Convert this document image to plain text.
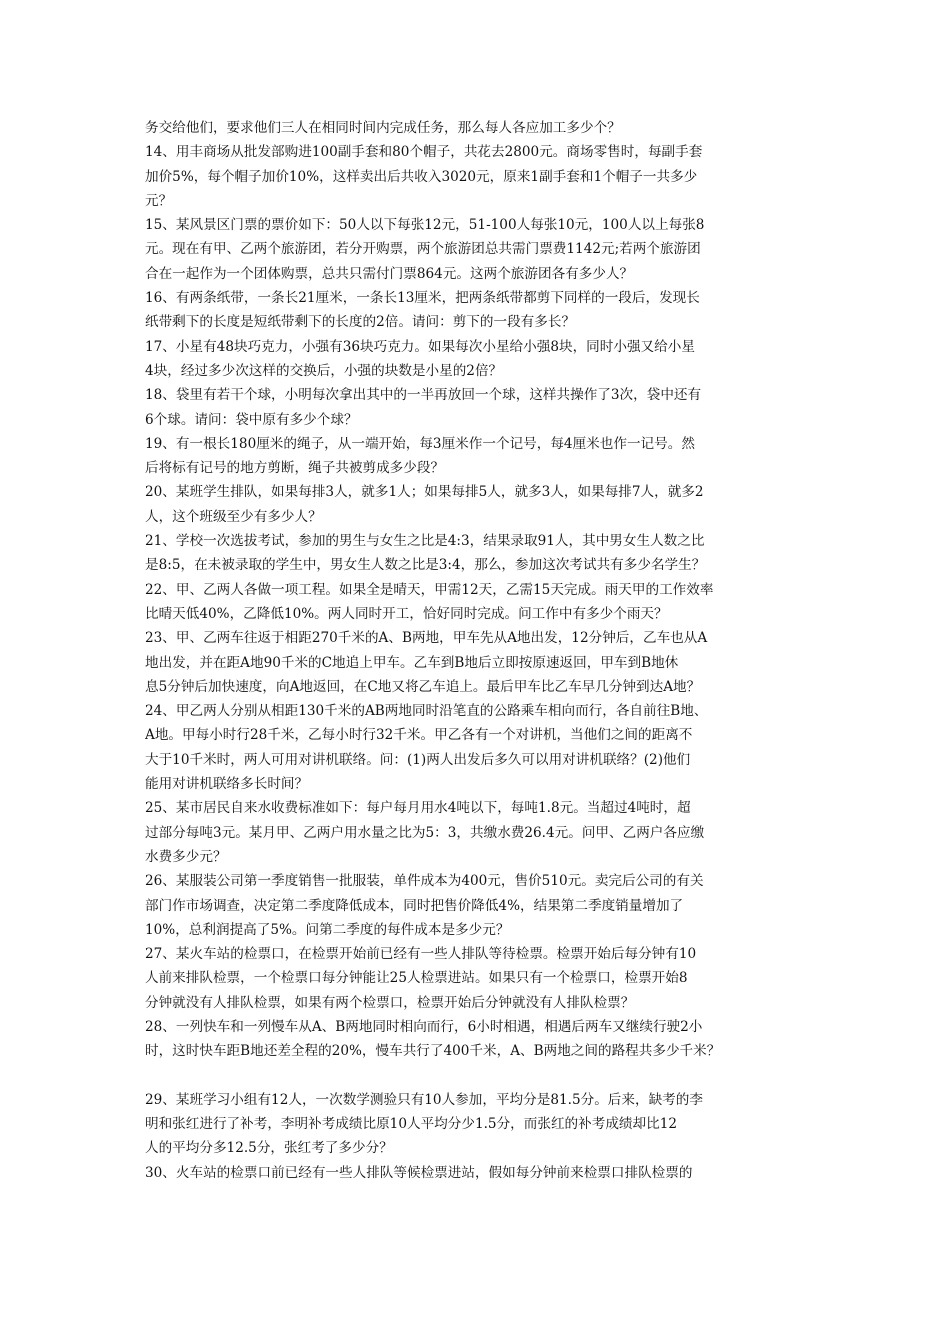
务交给他们，要求他们三人在相同时间内完成任务，那么每人各应加工多少个？
14、用丰商场从批发部购进100副手套和80个帽子，共花去2800元。商场零售时，每副手套
加价5%，每个帽子加价10%，这样卖出后共收入3020元，原来1副手套和1个帽子一共多少
元？
15、某风景区门票的票价如下：50人以下每张12元，51-100人每张10元，100人以上每张8
元。现在有甲、乙两个旅游团，若分开购票，两个旅游团总共需门票费1142元;若两个旅游团
合在一起作为一个团体购票，总共只需付门票864元。这两个旅游团各有多少人？
16、有两条纸带，一条长21厘米，一条长13厘米，把两条纸带都剪下同样的一段后，发现长
纸带剩下的长度是短纸带剩下的长度的2倍。请问：剪下的一段有多长？
17、小星有48块巧克力，小强有36块巧克力。如果每次小星给小强8块，同时小强又给小星
4块，经过多少次这样的交换后，小强的块数是小星的2倍？
18、袋里有若干个球，小明每次拿出其中的一半再放回一个球，这样共操作了3次，袋中还有
6个球。请问：袋中原有多少个球？
19、有一根长180厘米的绳子，从一端开始，每3厘米作一个记号，每4厘米也作一记号。然
后将标有记号的地方剪断，绳子共被剪成多少段？
20、某班学生排队，如果每排3人，就多1人；如果每排5人，就多3人，如果每排7人，就多2
人，这个班级至少有多少人？
21、学校一次选拔考试，参加的男生与女生之比是4:3，结果录取91人，其中男女生人数之比
是8:5，在未被录取的学生中，男女生人数之比是3:4，那么，参加这次考试共有多少名学生？
22、甲、乙两人各做一项工程。如果全是晴天，甲需12天，乙需15天完成。雨天甲的工作效率
比晴天低40%，乙降低10%。两人同时开工，恰好同时完成。问工作中有多少个雨天？
23、甲、乙两车往返于相距270千米的A、B两地，甲车先从A地出发，12分钟后，乙车也从A
地出发，并在距A地90千米的C地追上甲车。乙车到B地后立即按原速返回，甲车到B地休
息5分钟后加快速度，向A地返回，在C地又将乙车追上。最后甲车比乙车早几分钟到达A地？
24、甲乙两人分别从相距130千米的AB两地同时沿笔直的公路乘车相向而行，各自前往B地、
A地。甲每小时行28千米，乙每小时行32千米。甲乙各有一个对讲机，当他们之间的距离不
大于10千米时，两人可用对讲机联络。问：(1)两人出发后多久可以用对讲机联络？(2)他们
能用对讲机联络多长时间？
25、某市居民自来水收费标准如下：每户每月用水4吨以下，每吨1.8元。当超过4吨时，超
过部分每吨3元。某月甲、乙两户用水量之比为5：3，共缴水费26.4元。问甲、乙两户各应缴
水费多少元？
26、某服装公司第一季度销售一批服装，单件成本为400元，售价510元。卖完后公司的有关
部门作市场调查，决定第二季度降低成本，同时把售价降低4%，结果第二季度销量增加了
10%，总利润提高了5%。问第二季度的每件成本是多少元？
27、某火车站的检票口，在检票开始前已经有一些人排队等待检票。检票开始后每分钟有10
人前来排队检票，一个检票口每分钟能让25人检票进站。如果只有一个检票口，检票开始8
分钟就没有人排队检票，如果有两个检票口，检票开始后分钟就没有人排队检票？
28、一列快车和一列慢车从A、B两地同时相向而行，6小时相遇，相遇后两车又继续行驶2小
时，这时快车距B地还差全程的20%，慢车共行了400千米，A、B两地之间的路程共多少千米？
29、某班学习小组有12人，一次数学测验只有10人参加，平均分是81.5分。后来，缺考的李
明和张红进行了补考，李明补考成绩比原10人平均分少1.5分，而张红的补考成绩却比12
人的平均分多12.5分，张红考了多少分？
30、火车站的检票口前已经有一些人排队等候检票进站，假如每分钟前来检票口排队检票的
